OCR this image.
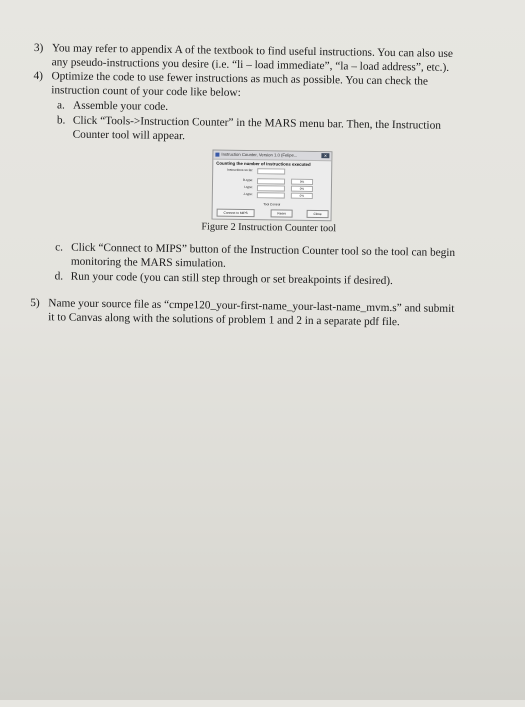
3) You may refer to appendix A of the textbook to find useful instructions. You can also use
any pseudo-instructions you desire (i.e. “li – load immediate”, “la – load address”, etc.).
4) Optimize the code to use fewer instructions as much as possible. You can check the
instruction count of your code like below:
a. Assemble your code.
b. Click “Tools->Instruction Counter” in the MARS menu bar. Then, the Instruction
Counter tool will appear.
Instruction Counter, Version 1.0 (Felipe...	✕
Counting the number of instructions executed
Instructions so far:
R-type:	0%
I-type:	0%
J-type:	0%
Tool Control
Connect to MIPS	Reset	Close
Figure 2 Instruction Counter tool
c. Click “Connect to MIPS” button of the Instruction Counter tool so the tool can begin
monitoring the MARS simulation.
d. Run your code (you can still step through or set breakpoints if desired).
5) Name your source file as “cmpe120_your-first-name_your-last-name_mvm.s” and submit
it to Canvas along with the solutions of problem 1 and 2 in a separate pdf file.
